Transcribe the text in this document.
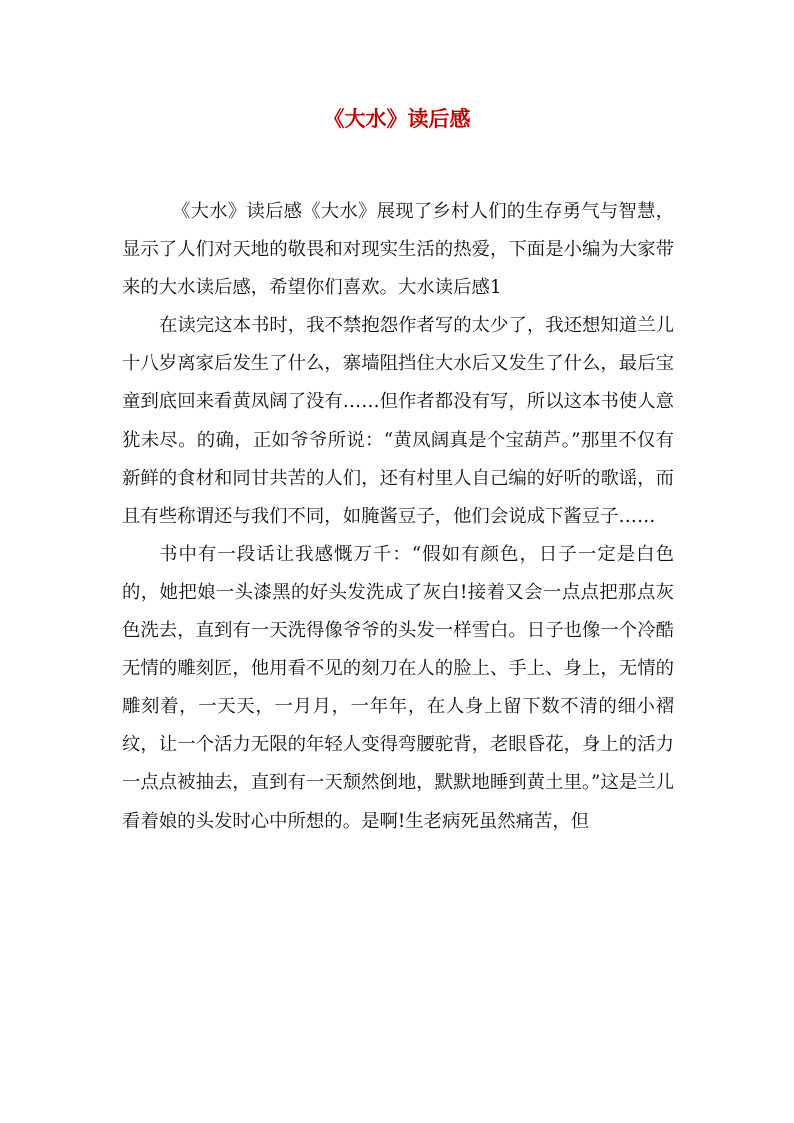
《大水》读后感

《大水》读后感《大水》展现了乡村人们的生存勇气与智慧，显示了人们对天地的敬畏和对现实生活的热爱，下面是小编为大家带来的大水读后感，希望你们喜欢。大水读后感1

在读完这本书时，我不禁抱怨作者写的太少了，我还想知道兰儿十八岁离家后发生了什么，寨墙阻挡住大水后又发生了什么，最后宝童到底回来看黄凤阔了没有……但作者都没有写，所以这本书使人意犹未尽。的确，正如爷爷所说：“黄凤阔真是个宝葫芦。”那里不仅有新鲜的食材和同甘共苦的人们，还有村里人自己编的好听的歌谣，而且有些称谓还与我们不同，如腌酱豆子，他们会说成下酱豆子……

书中有一段话让我感慨万千：“假如有颜色，日子一定是白色的，她把娘一头漆黑的好头发洗成了灰白!接着又会一点点把那点灰色洗去，直到有一天洗得像爷爷的头发一样雪白。日子也像一个冷酷无情的雕刻匠，他用看不见的刻刀在人的脸上、手上、身上，无情的雕刻着，一天天，一月月，一年年，在人身上留下数不清的细小褶纹，让一个活力无限的年轻人变得弯腰驼背，老眼昏花，身上的活力一点点被抽去，直到有一天颓然倒地，默默地睡到黄土里。”这是兰儿看着娘的头发时心中所想的。是啊!生老病死虽然痛苦，但
